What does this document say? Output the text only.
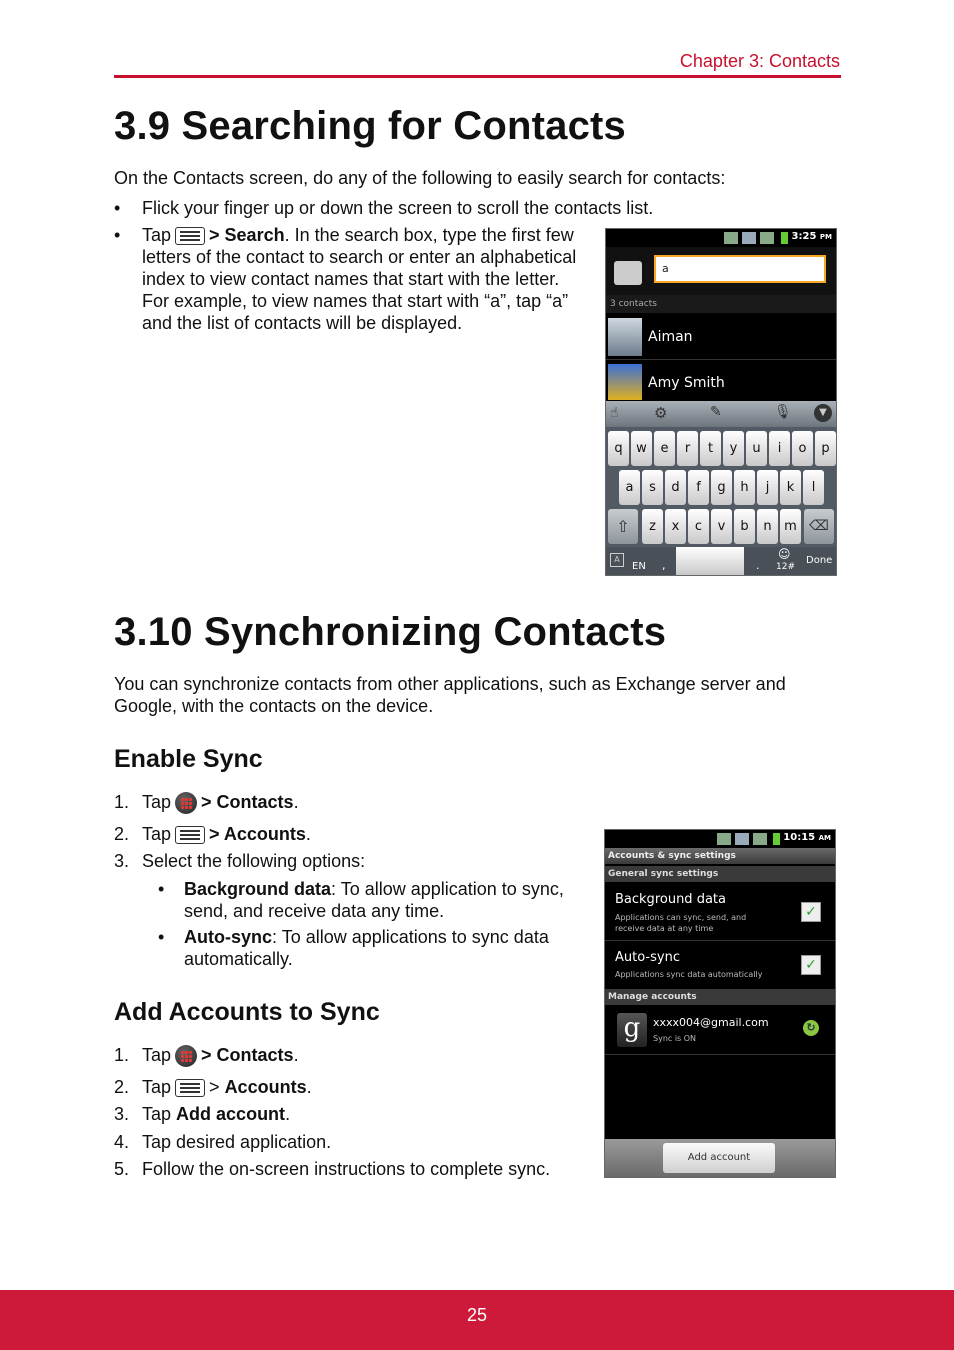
Chapter 3: Contacts
3.9 Searching for Contacts
On the Contacts screen, do any of the following to easily search for contacts:
• Flick your finger up or down the screen to scroll the contacts list.
• Tap > Search. In the search box, type the first few letters of the contact to search or enter an alphabetical index to view contact names that start with the letter. For example, to view names that start with “a”, tap “a” and the list of contacts will be displayed.
3:25 PM
a
3 contacts
Aiman
Amy Smith
☝ ⚙	✎	🎙	▼
q	w	e	r	t	y	u	i	o	p
a	s	d	f	g	h	j	k	l
⇧	z	x	c	v	b	n m ⌫
A
EN ,	.
☺
12#
Done
3.10 Synchronizing Contacts
You can synchronize contacts from other applications, such as Exchange server and Google, with the contacts on the device.
Enable Sync
1. Tap > Contacts.
2. Tap > Accounts.
3. Select the following options:
• Background data: To allow application to sync, send, and receive data any time.
• Auto-sync: To allow applications to sync data automatically.
Add Accounts to Sync
1. Tap > Contacts.
2. Tap > Accounts.
3. Tap Add account.
4. Tap desired application.
5. Follow the on-screen instructions to complete sync.
10:15 AM
Accounts & sync settings
General sync settings
Background data
Applications can sync, send, and receive data at any time
✓
Auto-sync
Applications sync data automatically
✓
Manage accounts
g	xxxx004@gmail.com
Sync is ON
↻
Add account
25
